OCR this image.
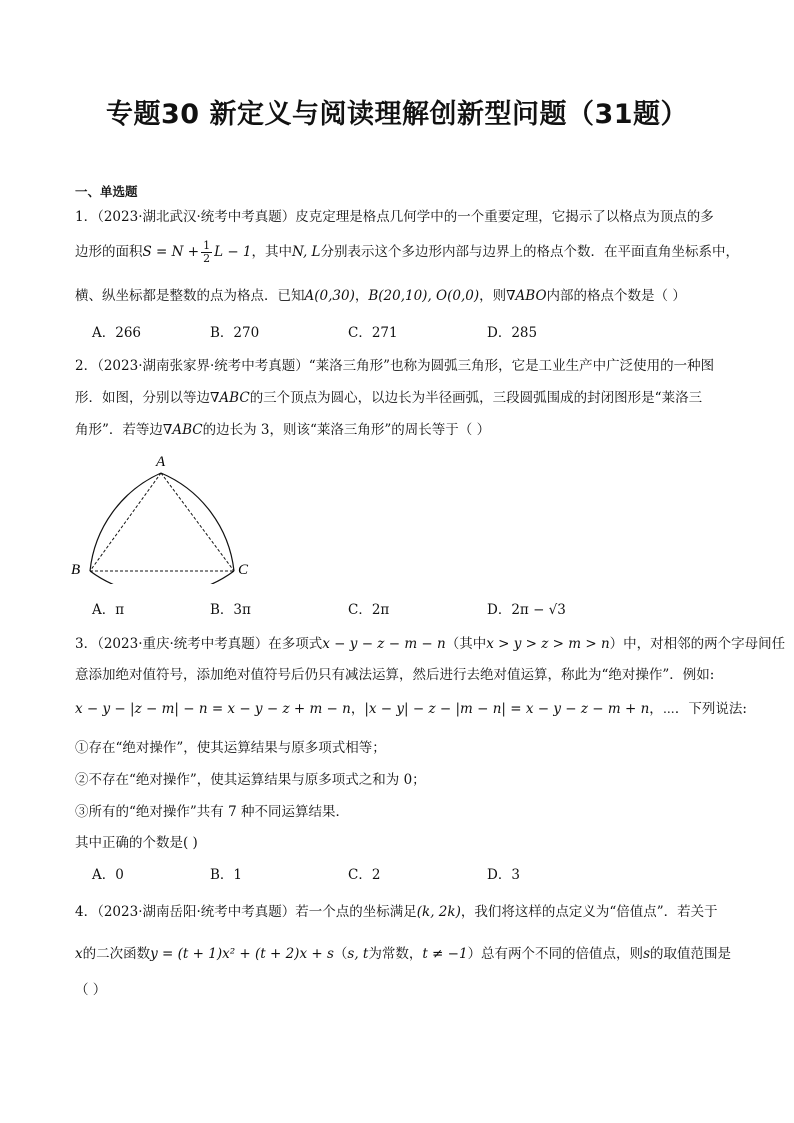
专题30 新定义与阅读理解创新型问题（31题）
一、单选题
1．（2023·湖北武汉·统考中考真题）皮克定理是格点几何学中的一个重要定理，它揭示了以格点为顶点的多
边形的面积$S = N + \frac{1}{2}$ L − 1，其中N, L分别表示这个多边形内部与边界上的格点个数．在平面直角坐标系中，
横、纵坐标都是整数的点为格点．已知A(0,30)，B(20,10), O(0,0)，则∇ABO内部的格点个数是（ ）
A．266	B．270	C．271	D．285
2．（2023·湖南张家界·统考中考真题）“莱洛三角形”也称为圆弧三角形，它是工业生产中广泛使用的一种图
形．如图，分别以等边∇ABC的三个顶点为圆心，以边长为半径画弧，三段圆弧围成的封闭图形是“莱洛三
角形”．若等边∇ABC的边长为 3，则该“莱洛三角形”的周长等于（ ）
A
B	C
A．π	B．3π	C．2π	D．2π − √3
3．（2023·重庆·统考中考真题）在多项式x − y − z − m − n（其中x > y > z > m > n）中，对相邻的两个字母间任
意添加绝对值符号，添加绝对值符号后仍只有减法运算，然后进行去绝对值运算，称此为“绝对操作”．例如:
x − y − |z − m| − n = x − y − z + m − n，|x − y| − z − |m − n| = x − y − z − m + n，⋯．下列说法:
①存在“绝对操作”，使其运算结果与原多项式相等；
②不存在“绝对操作”，使其运算结果与原多项式之和为 0；
③所有的“绝对操作”共有 7 种不同运算结果．
其中正确的个数是( )
A．0	B．1	C．2	D．3
4．（2023·湖南岳阳·统考中考真题）若一个点的坐标满足(k, 2k)，我们将这样的点定义为“倍值点”．若关于
x的二次函数y = (t + 1)x² + (t + 2)x + s（s, t为常数，t ≠ −1）总有两个不同的倍值点，则s的取值范围是
（ ）
